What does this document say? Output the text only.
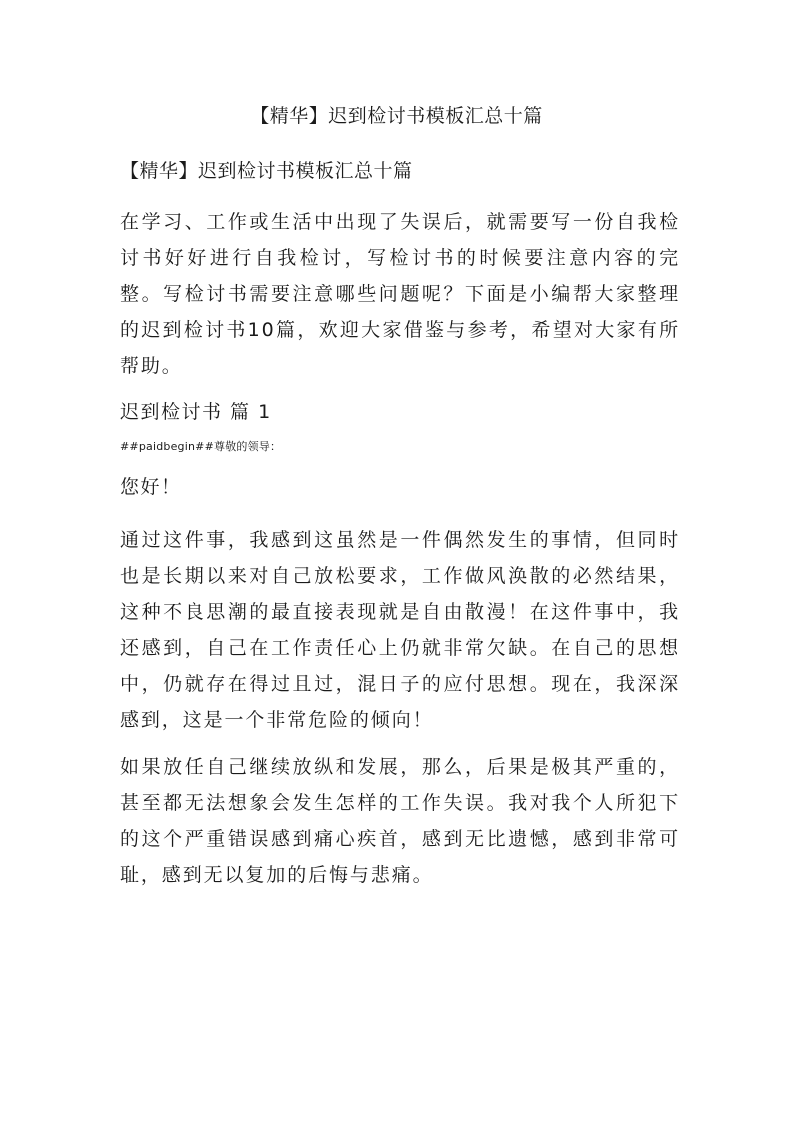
【精华】迟到检讨书模板汇总十篇
【精华】迟到检讨书模板汇总十篇

在学习、工作或生活中出现了失误后，就需要写一份自我检讨书好好进行自我检讨，写检讨书的时候要注意内容的完整。写检讨书需要注意哪些问题呢？下面是小编帮大家整理的迟到检讨书10篇，欢迎大家借鉴与参考，希望对大家有所帮助。

迟到检讨书 篇 1
##paidbegin##尊敬的领导：
您好！

通过这件事，我感到这虽然是一件偶然发生的事情，但同时也是长期以来对自己放松要求，工作做风涣散的必然结果，这种不良思潮的最直接表现就是自由散漫！在这件事中，我还感到，自己在工作责任心上仍就非常欠缺。在自己的思想中，仍就存在得过且过，混日子的应付思想。现在，我深深感到，这是一个非常危险的倾向！

如果放任自己继续放纵和发展，那么，后果是极其严重的，甚至都无法想象会发生怎样的工作失误。我对我个人所犯下的这个严重错误感到痛心疾首，感到无比遗憾，感到非常可耻，感到无以复加的后悔与悲痛。
